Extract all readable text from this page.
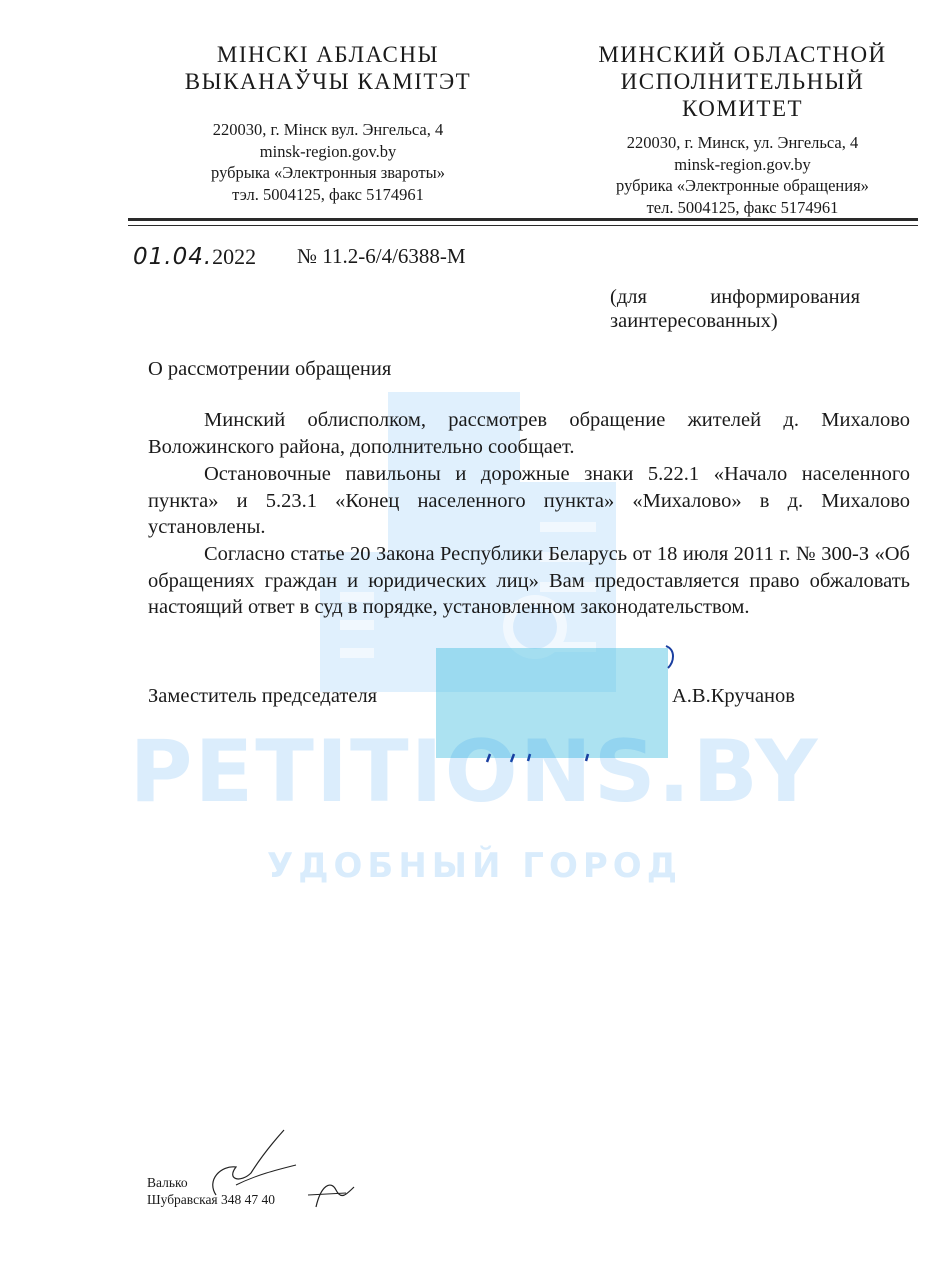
МІНСКІ АБЛАСНЫ
ВЫКАНАЎЧЫ КАМІТЭТ
220030, г. Мінск вул. Энгельса, 4
minsk-region.gov.by
рубрыка «Электронныя звароты»
тэл. 5004125, факс 5174961
МИНСКИЙ ОБЛАСТНОЙ
ИСПОЛНИТЕЛЬНЫЙ
КОМИТЕТ
220030, г. Минск, ул. Энгельса, 4
minsk-region.gov.by
рубрика «Электронные обращения»
тел. 5004125, факс 5174961
01.04.2022 № 11.2-6/4/6388-М
(для информирования заинтересованных)
О рассмотрении обращения

Минский облисполком, рассмотрев обращение жителей д. Михалово Воложинского района, дополнительно сообщает.

Остановочные павильоны и дорожные знаки 5.22.1 «Начало населенного пункта» и 5.23.1 «Конец населенного пункта» «Михалово» в д. Михалово установлены.

Согласно статье 20 Закона Республики Беларусь от 18 июля 2011 г. № 300-З «Об обращениях граждан и юридических лиц» Вам предоставляется право обжаловать настоящий ответ в суд в порядке, установленном законодательством.

Заместитель председателя	А.В.Кручанов
PETITIONS.BY
УДОБНЫЙ ГОРОД
Валько
Шубравская 348 47 40
